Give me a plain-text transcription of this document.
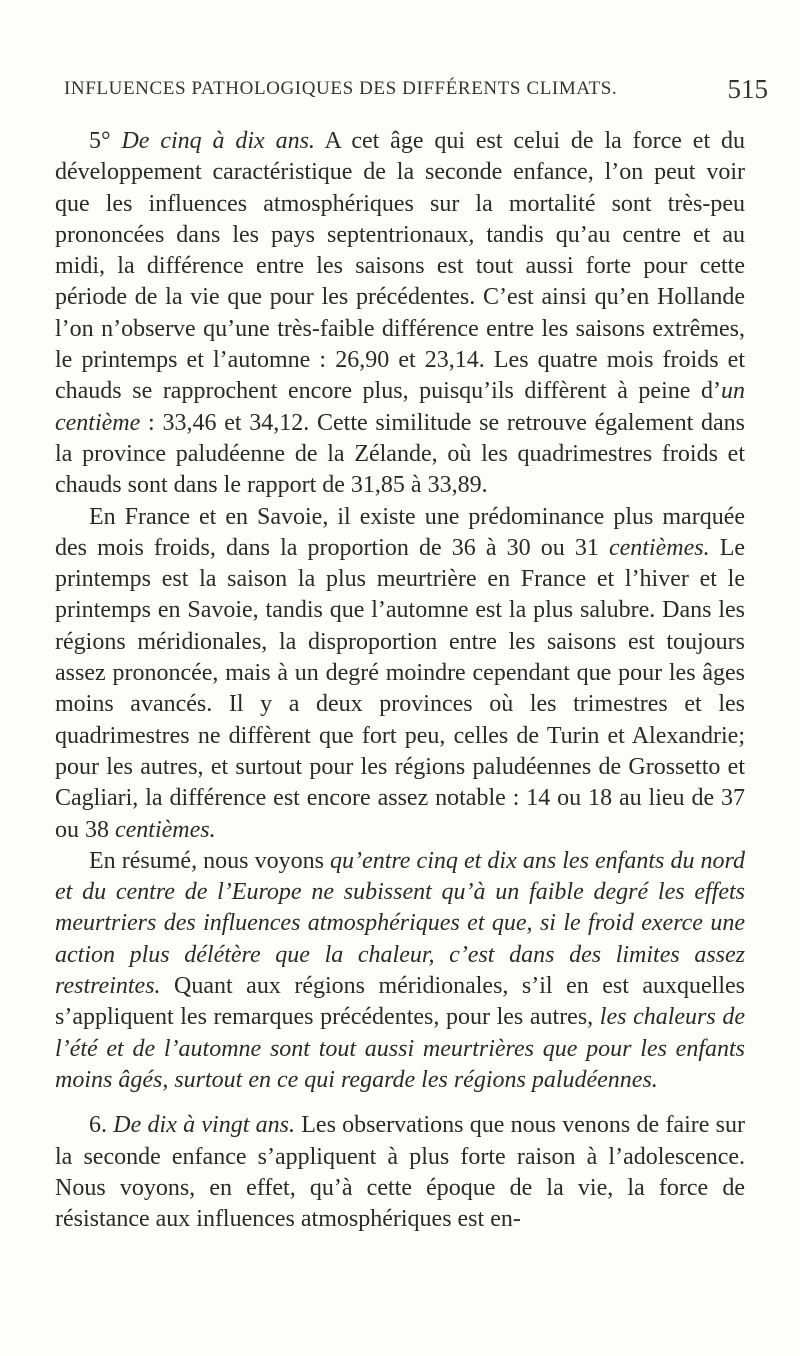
INFLUENCES PATHOLOGIQUES DES DIFFÉRENTS CLIMATS.	515

5° De cinq à dix ans. A cet âge qui est celui de la force et du développement caractéristique de la seconde enfance, l’on peut voir que les influences atmosphériques sur la mortalité sont très-peu prononcées dans les pays septentrionaux, tandis qu’au centre et au midi, la différence entre les saisons est tout aussi forte pour cette période de la vie que pour les précédentes. C’est ainsi qu’en Hollande l’on n’observe qu’une très-faible différence entre les saisons extrêmes, le printemps et l’automne : 26,90 et 23,14. Les quatre mois froids et chauds se rapprochent encore plus, puisqu’ils diffèrent à peine d’un centième : 33,46 et 34,12. Cette similitude se retrouve également dans la province paludéenne de la Zélande, où les quadrimestres froids et chauds sont dans le rapport de 31,85 à 33,89.

En France et en Savoie, il existe une prédominance plus marquée des mois froids, dans la proportion de 36 à 30 ou 31 centièmes. Le printemps est la saison la plus meurtrière en France et l’hiver et le printemps en Savoie, tandis que l’automne est la plus salubre. Dans les régions méridionales, la disproportion entre les saisons est toujours assez prononcée, mais à un degré moindre cependant que pour les âges moins avancés. Il y a deux provinces où les trimestres et les quadrimestres ne diffèrent que fort peu, celles de Turin et Alexandrie; pour les autres, et surtout pour les régions paludéennes de Grossetto et Cagliari, la différence est encore assez notable : 14 ou 18 au lieu de 37 ou 38 centièmes.

En résumé, nous voyons qu’entre cinq et dix ans les enfants du nord et du centre de l’Europe ne subissent qu’à un faible degré les effets meurtriers des influences atmosphériques et que, si le froid exerce une action plus délétère que la chaleur, c’est dans des limites assez restreintes. Quant aux régions méridionales, s’il en est auxquelles s’appliquent les remarques précédentes, pour les autres, les chaleurs de l’été et de l’automne sont tout aussi meurtrières que pour les enfants moins âgés, surtout en ce qui regarde les régions paludéennes.

6. De dix à vingt ans. Les observations que nous venons de faire sur la seconde enfance s’appliquent à plus forte raison à l’adolescence. Nous voyons, en effet, qu’à cette époque de la vie, la force de résistance aux influences atmosphériques est en-
